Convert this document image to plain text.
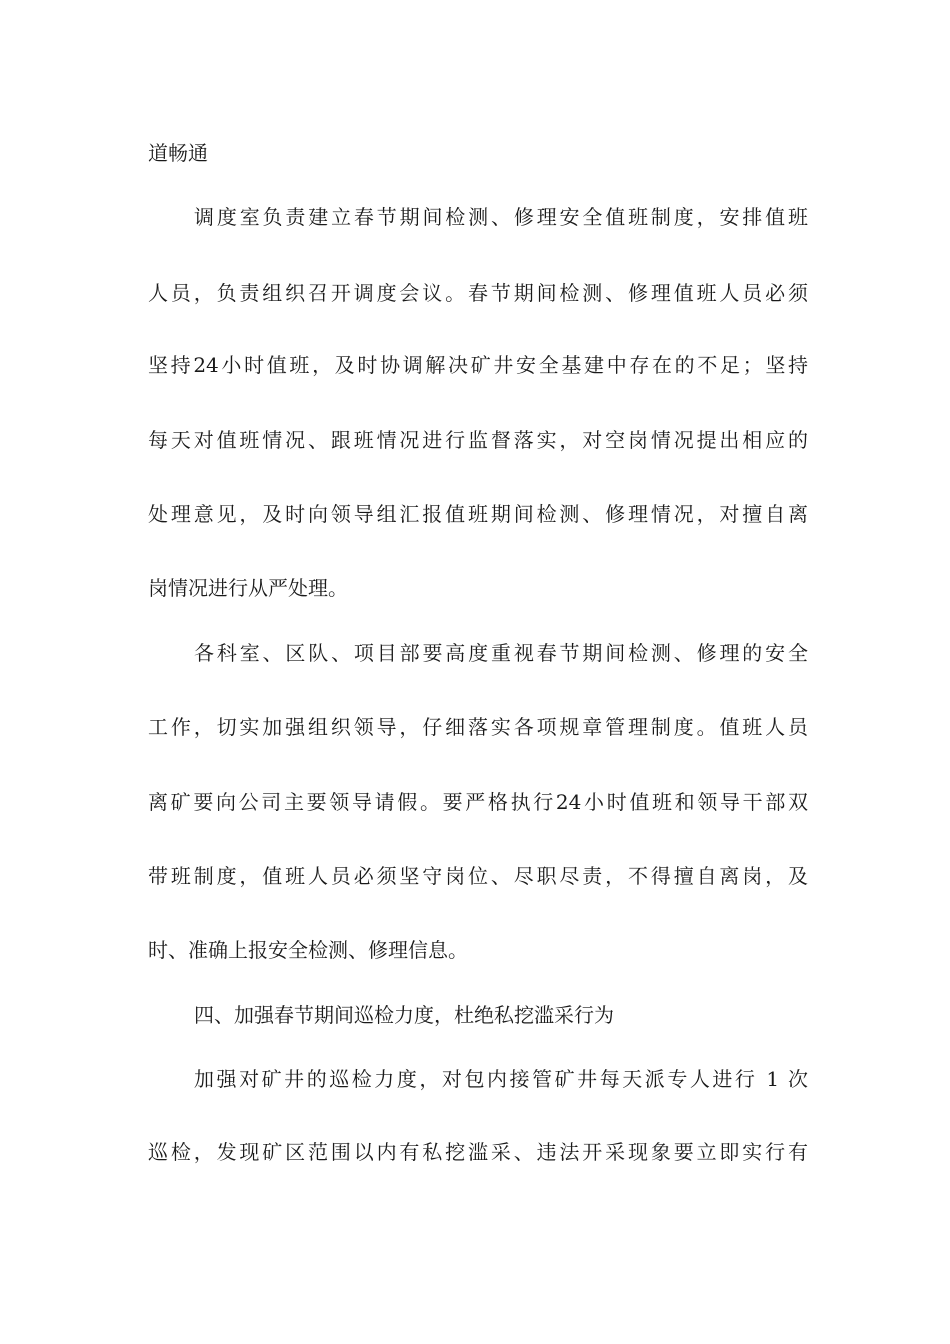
道畅通
调度室负责建立春节期间检测、修理安全值班制度，安排值班
人员，负责组织召开调度会议。春节期间检测、修理值班人员必须
坚持24小时值班，及时协调解决矿井安全基建中存在的不足；坚持
每天对值班情况、跟班情况进行监督落实，对空岗情况提出相应的
处理意见，及时向领导组汇报值班期间检测、修理情况，对擅自离
岗情况进行从严处理。
各科室、区队、项目部要高度重视春节期间检测、修理的安全
工作，切实加强组织领导，仔细落实各项规章管理制度。值班人员
离矿要向公司主要领导请假。要严格执行24小时值班和领导干部双
带班制度，值班人员必须坚守岗位、尽职尽责，不得擅自离岗，及
时、准确上报安全检测、修理信息。
四、加强春节期间巡检力度，杜绝私挖滥采行为
加强对矿井的巡检力度，对包内接管矿井每天派专人进行 1 次
巡检，发现矿区范围以内有私挖滥采、违法开采现象要立即实行有
